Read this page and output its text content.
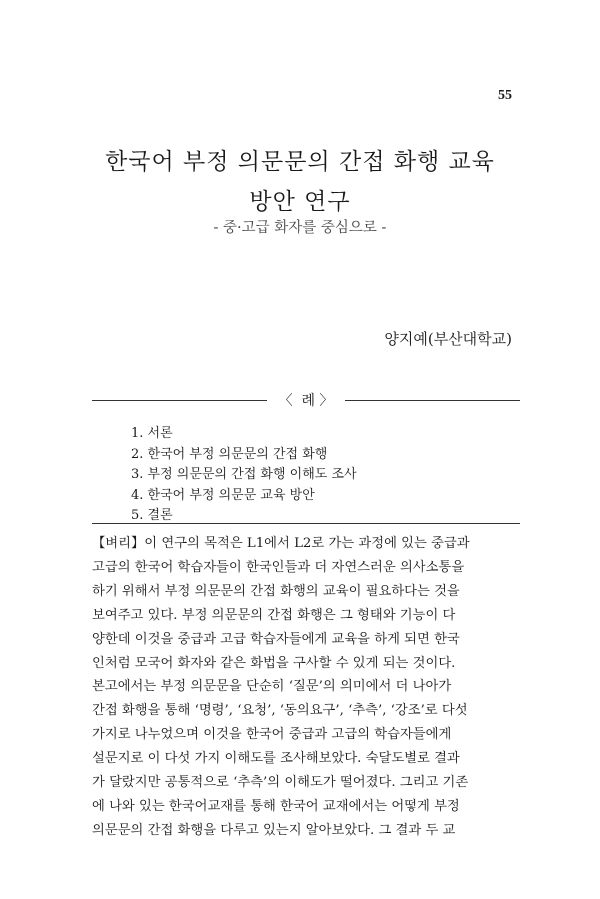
55
한국어 부정 의문문의 간접 화행 교육
방안 연구
- 중·고급 화자를 중심으로 -
양지예(부산대학교)
〈  례 〉
1. 서론
2. 한국어 부정 의문문의 간접 화행
3. 부정 의문문의 간접 화행 이해도 조사
4. 한국어 부정 의문문 교육 방안
5. 결론
【벼리】이 연구의 목적은 L1에서 L2로 가는 과정에 있는 중급과
고급의 한국어 학습자들이 한국인들과 더 자연스러운 의사소통을
하기 위해서 부정 의문문의 간접 화행의 교육이 필요하다는 것을
보여주고 있다. 부정 의문문의 간접 화행은 그 형태와 기능이 다
양한데 이것을 중급과 고급 학습자들에게 교육을 하게 되면 한국
인처럼 모국어 화자와 같은 화법을 구사할 수 있게 되는 것이다.
본고에서는 부정 의문문을 단순히 ‘질문’의 의미에서 더 나아가
간접 화행을 통해 ‘명령’, ‘요청’, ‘동의요구’, ‘추측’, ‘강조’로 다섯
가지로 나누었으며 이것을 한국어 중급과 고급의 학습자들에게
설문지로 이 다섯 가지 이해도를 조사해보았다. 숙달도별로 결과
가 달랐지만 공통적으로 ‘추측’의 이해도가 떨어졌다. 그리고 기존
에 나와 있는 한국어교재를 통해 한국어 교재에서는 어떻게 부정
의문문의 간접 화행을 다루고 있는지 알아보았다. 그 결과 두 교
